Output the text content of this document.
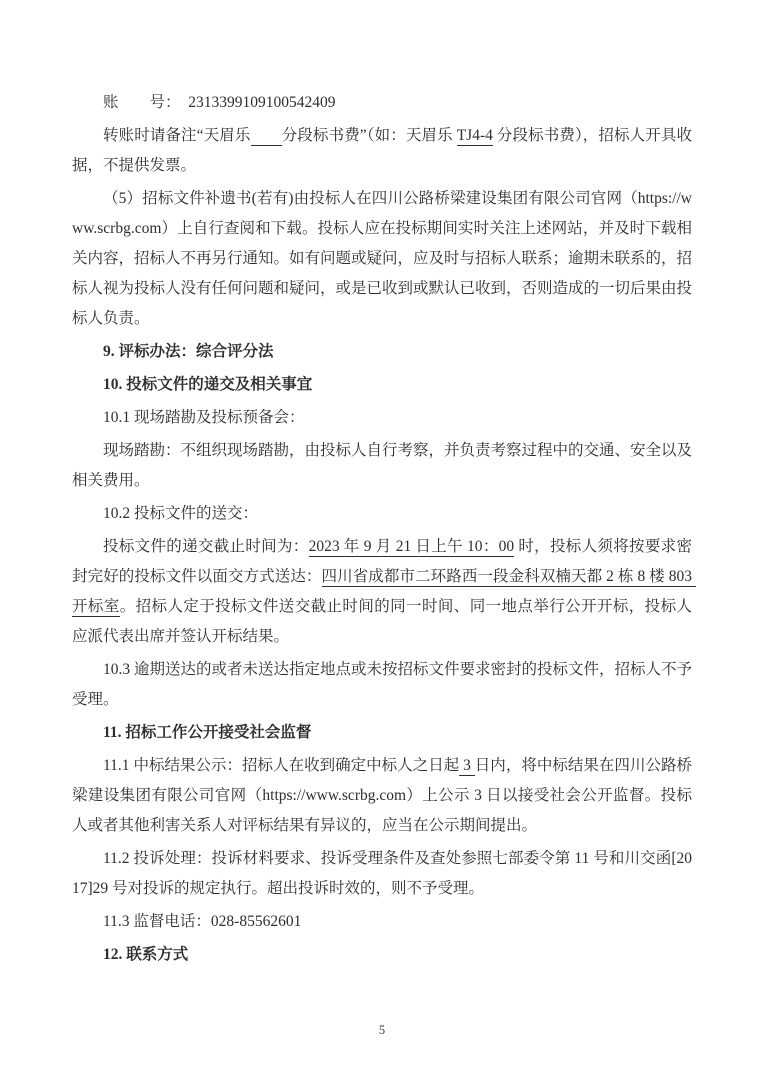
账　　号：  2313399109100542409

转账时请备注“天眉乐　　 分段标书费”（如：天眉乐 TJ4-4 分段标书费），招标人开具收据，不提供发票。

（5）招标文件补遗书(若有)由投标人在四川公路桥梁建设集团有限公司官网（https://www.scrbg.com）上自行查阅和下载。投标人应在投标期间实时关注上述网站，并及时下载相关内容，招标人不再另行通知。如有问题或疑问，应及时与招标人联系；逾期未联系的，招标人视为投标人没有任何问题和疑问，或是已收到或默认已收到，否则造成的一切后果由投标人负责。

9. 评标办法：综合评分法

10. 投标文件的递交及相关事宜

10.1 现场踏勘及投标预备会：

现场踏勘：不组织现场踏勘，由投标人自行考察，并负责考察过程中的交通、安全以及相关费用。

10.2 投标文件的送交：

投标文件的递交截止时间为：2023 年 9 月 21 日上午 10：00 时，投标人须将按要求密封完好的投标文件以面交方式送达：四川省成都市二环路西一段金科双楠天都 2 栋 8 楼 803 开标室。招标人定于投标文件送交截止时间的同一时间、同一地点举行公开开标，投标人应派代表出席并签认开标结果。

10.3 逾期送达的或者未送达指定地点或未按招标文件要求密封的投标文件，招标人不予受理。

11. 招标工作公开接受社会监督

11.1 中标结果公示：招标人在收到确定中标人之日起 3 日内，将中标结果在四川公路桥梁建设集团有限公司官网（https://www.scrbg.com）上公示 3 日以接受社会公开监督。投标人或者其他利害关系人对评标结果有异议的，应当在公示期间提出。

11.2 投诉处理：投诉材料要求、投诉受理条件及查处参照七部委令第 11 号和川交函[2017]29 号对投诉的规定执行。超出投诉时效的，则不予受理。

11.3 监督电话：028-85562601

12. 联系方式

5
